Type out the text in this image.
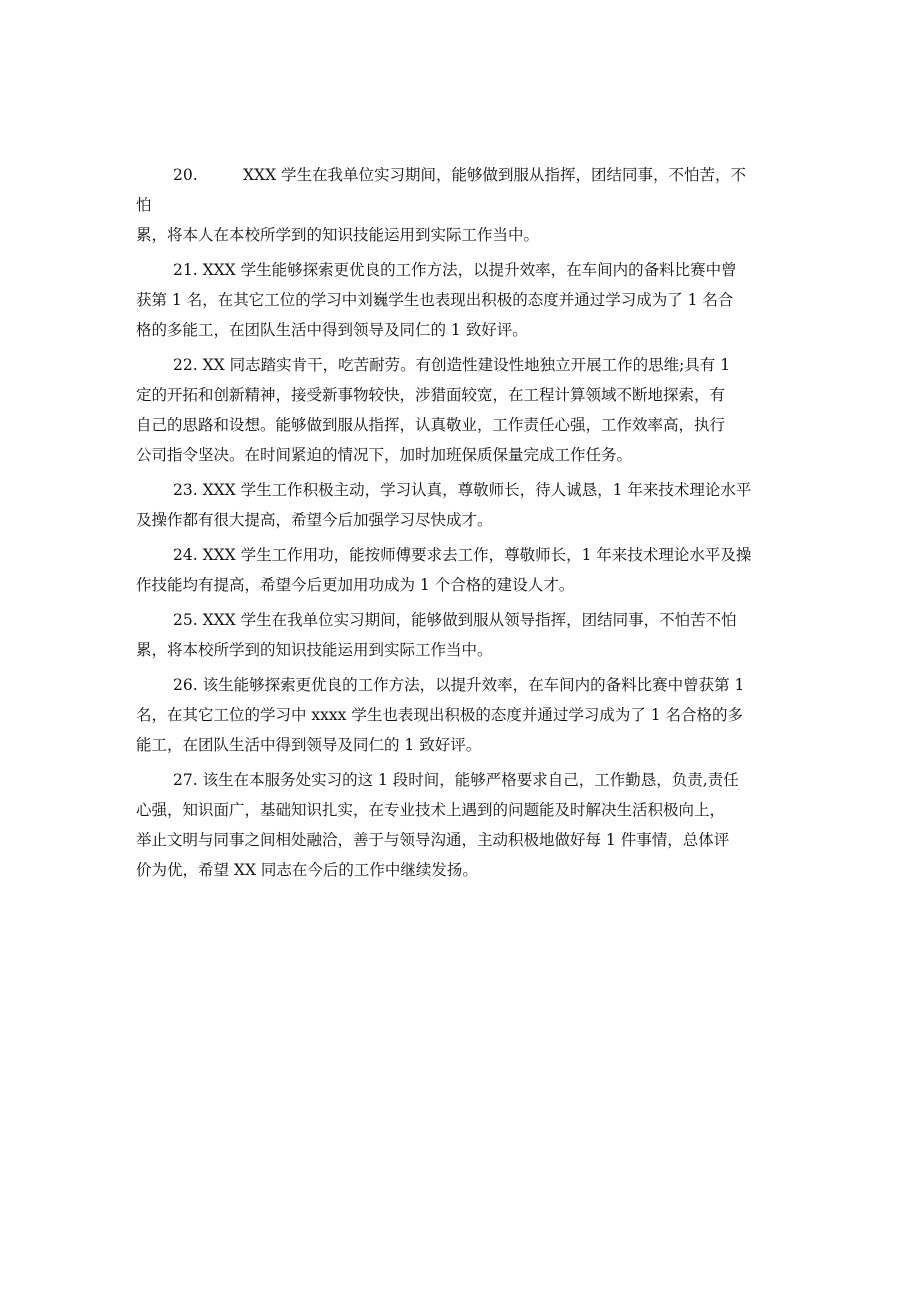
20.	XXX 学生在我单位实习期间，能够做到服从指挥，团结同事，不怕苦，不
怕
累，将本人在本校所学到的知识技能运用到实际工作当中。

21. XXX 学生能够探索更优良的工作方法，以提升效率，在车间内的备料比赛中曾
获第 1 名，在其它工位的学习中刘巍学生也表现出积极的态度并通过学习成为了 1 名合
格的多能工，在团队生活中得到领导及同仁的 1 致好评。

22. XX 同志踏实肯干，吃苦耐劳。有创造性建设性地独立开展工作的思维;具有 1
定的开拓和创新精神，接受新事物较快，涉猎面较宽，在工程计算领域不断地探索，有
自己的思路和设想。能够做到服从指挥，认真敬业，工作责任心强，工作效率高，执行
公司指令坚决。在时间紧迫的情况下，加时加班保质保量完成工作任务。

23. XXX 学生工作积极主动，学习认真，尊敬师长，待人诚恳，1 年来技术理论水平
及操作都有很大提高，希望今后加强学习尽快成才。

24. XXX 学生工作用功，能按师傅要求去工作，尊敬师长，1 年来技术理论水平及操
作技能均有提高，希望今后更加用功成为 1 个合格的建设人才。

25. XXX 学生在我单位实习期间，能够做到服从领导指挥，团结同事，不怕苦不怕
累，将本校所学到的知识技能运用到实际工作当中。

26. 该生能够探索更优良的工作方法，以提升效率，在车间内的备料比赛中曾获第 1
名，在其它工位的学习中 xxxx 学生也表现出积极的态度并通过学习成为了 1 名合格的多
能工，在团队生活中得到领导及同仁的 1 致好评。

27. 该生在本服务处实习的这 1 段时间，能够严格要求自己，工作勤恳，负责,责任
心强，知识面广，基础知识扎实，在专业技术上遇到的问题能及时解决生活积极向上，
举止文明与同事之间相处融洽，善于与领导沟通，主动积极地做好每 1 件事情，总体评
价为优，希望 XX 同志在今后的工作中继续发扬。
